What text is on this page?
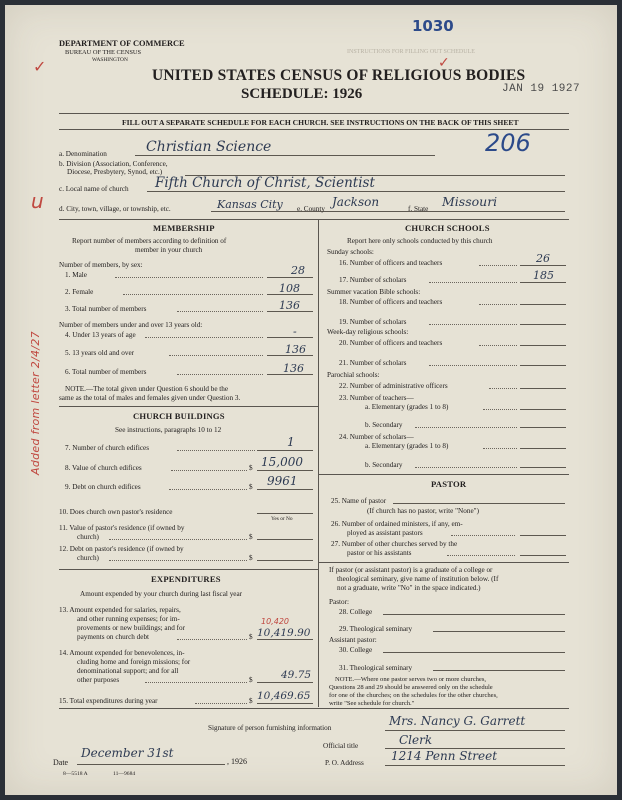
1030
✓	✓
DEPARTMENT OF COMMERCE
BUREAU OF THE CENSUS
WASHINGTON
INSTRUCTIONS FOR FILLING OUT SCHEDULE
UNITED STATES CENSUS OF RELIGIOUS BODIES
SCHEDULE: 1926	JAN 19 1927
FILL OUT A SEPARATE SCHEDULE FOR EACH CHURCH. SEE INSTRUCTIONS ON THE BACK OF THIS SHEET
a. Denomination	Christian Science	206
b. Division (Association, Conference,
Diocese, Presbytery, Synod, etc.)
c. Local name of church Fifth Church of Christ, Scientist
u d. City, town, village, or township, etc.	Kansas City e. County Jackson	f. State Missouri
MEMBERSHIP
Report number of members according to definition of
member in your church
Number of members, by sex:
1. Male	28
2. Female	108
3. Total number of members	136
Number of members under and over 13 years old:
4. Under 13 years of age	-
5. 13 years old and over	136
6. Total number of members	136
NOTE.—The total given under Question 6 should be the
same as the total of males and females given under Question 3.
CHURCH BUILDINGS
See instructions, paragraphs 10 to 12
7. Number of church edifices	1
8. Value of church edifices	$ 15,000
9. Debt on church edifices	$ 9961
10. Does church own pastor's residence
Yes or No
11. Value of pastor's residence (if owned by
church)	$
12. Debt on pastor's residence (if owned by
church)	$
EXPENDITURES
Amount expended by your church during last fiscal year
13. Amount expended for salaries, repairs,
and other running expenses; for im-
provements or new buildings; and for
payments on church debt	$
10,420
10,419.90
14. Amount expended for benevolences, in-
cluding home and foreign missions; for
denominational support; and for all
other purposes	$	49.75
15. Total expenditures during year	$ 10,469.65
CHURCH SCHOOLS
Report here only schools conducted by this church
Sunday schools:
16. Number of officers and teachers	26
17. Number of scholars	185
Summer vacation Bible schools:
18. Number of officers and teachers
19. Number of scholars
Week-day religious schools:
20. Number of officers and teachers
21. Number of scholars
Parochial schools:
22. Number of administrative officers
23. Number of teachers—
a. Elementary (grades 1 to 8)
b. Secondary
24. Number of scholars—
a. Elementary (grades 1 to 8)
b. Secondary
PASTOR
25. Name of pastor
(If church has no pastor, write "None")
26. Number of ordained ministers, if any, em-
ployed as assistant pastors
27. Number of other churches served by the
pastor or his assistants
If pastor (or assistant pastor) is a graduate of a college or
theological seminary, give name of institution below. (If
not a graduate, write "No" in the space indicated.)
Pastor:
28. College
29. Theological seminary
Assistant pastor:
30. College
31. Theological seminary
NOTE.—Where one pastor serves two or more churches,
Questions 28 and 29 should be answered only on the schedule
for one of the churches; on the schedules for the other churches,
write "See schedule for church."
Signature of person furnishing information	Mrs. Nancy G. Garrett
Official title	Clerk
Date
December 31st
, 1926	P. O. Address 1214 Penn Street
8—5518 A	11—9684
Added from letter 2/4/27
